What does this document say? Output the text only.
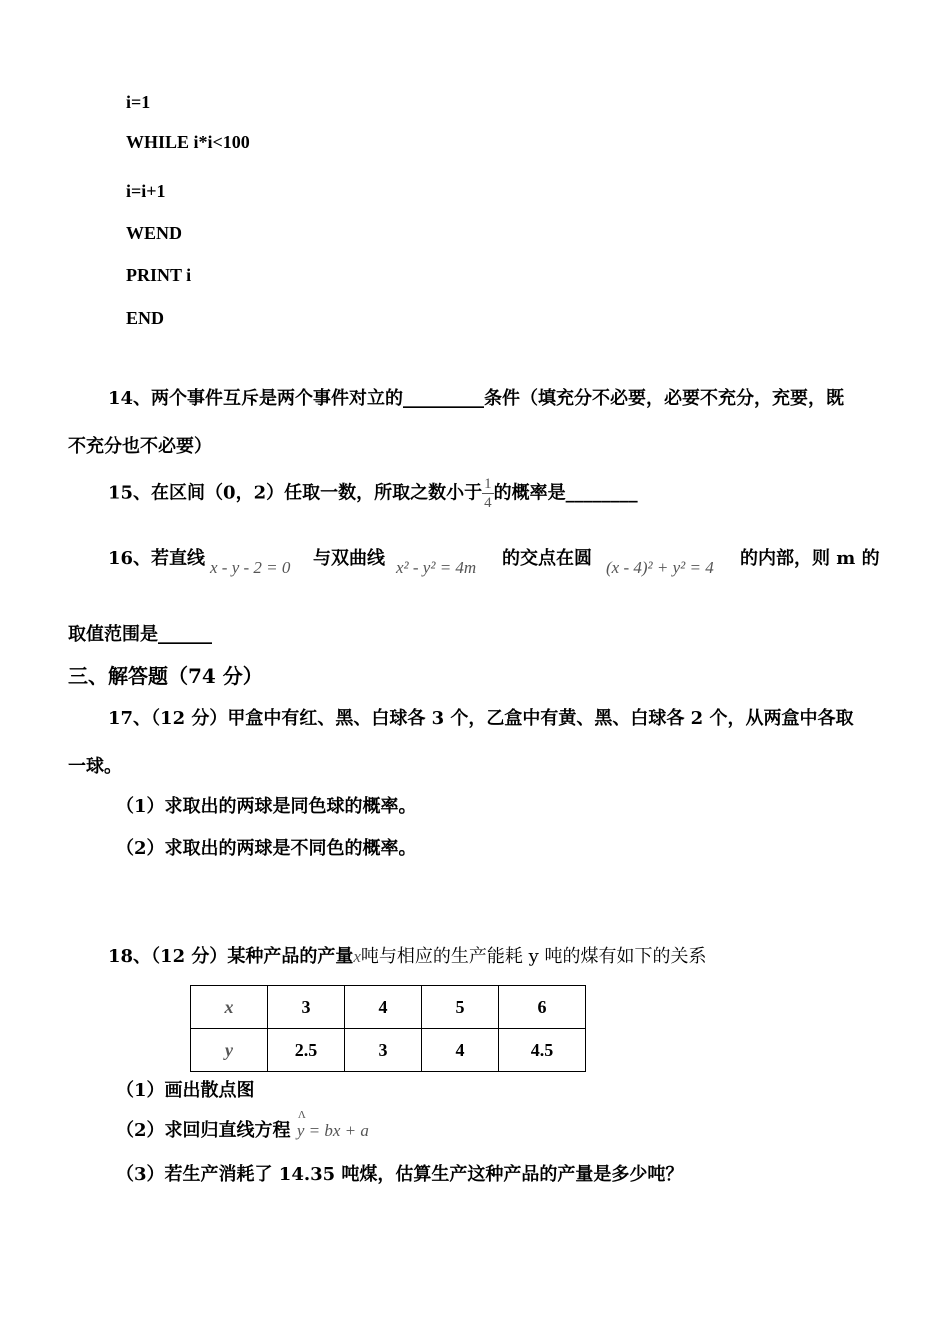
i=1
WHILE i*i<100
i=i+1
WEND
PRINT i
END
14、两个事件互斥是两个事件对立的_________条件（填充分不必要，必要不充分，充要，既
不充分也不必要）
15、在区间（0，2）任取一数，所取之数小于 $\frac{1}{4}$ 的概率是________
16、若直线 x - y - 2 = 0 与双曲线 x² - y² = 4m 的交点在圆 (x - 4)² + y² = 4 的内部，则 m 的
取值范围是______
三、解答题（74 分）
17、（12 分）甲盒中有红、黑、白球各 3 个，乙盒中有黄、黑、白球各 2 个，从两盒中各取
一球。
（1）求取出的两球是同色球的概率。
（2）求取出的两球是不同色的概率。
18、（12 分）某种产品的产量x吨与相应的生产能耗 y 吨的煤有如下的关系
x	3	4	5	6
y	2.5	3	4	4.5
（1）画出散点图
（2）求回归直线方程
Λ
y = bx + a
（3）若生产消耗了 14.35 吨煤，估算生产这种产品的产量是多少吨？
